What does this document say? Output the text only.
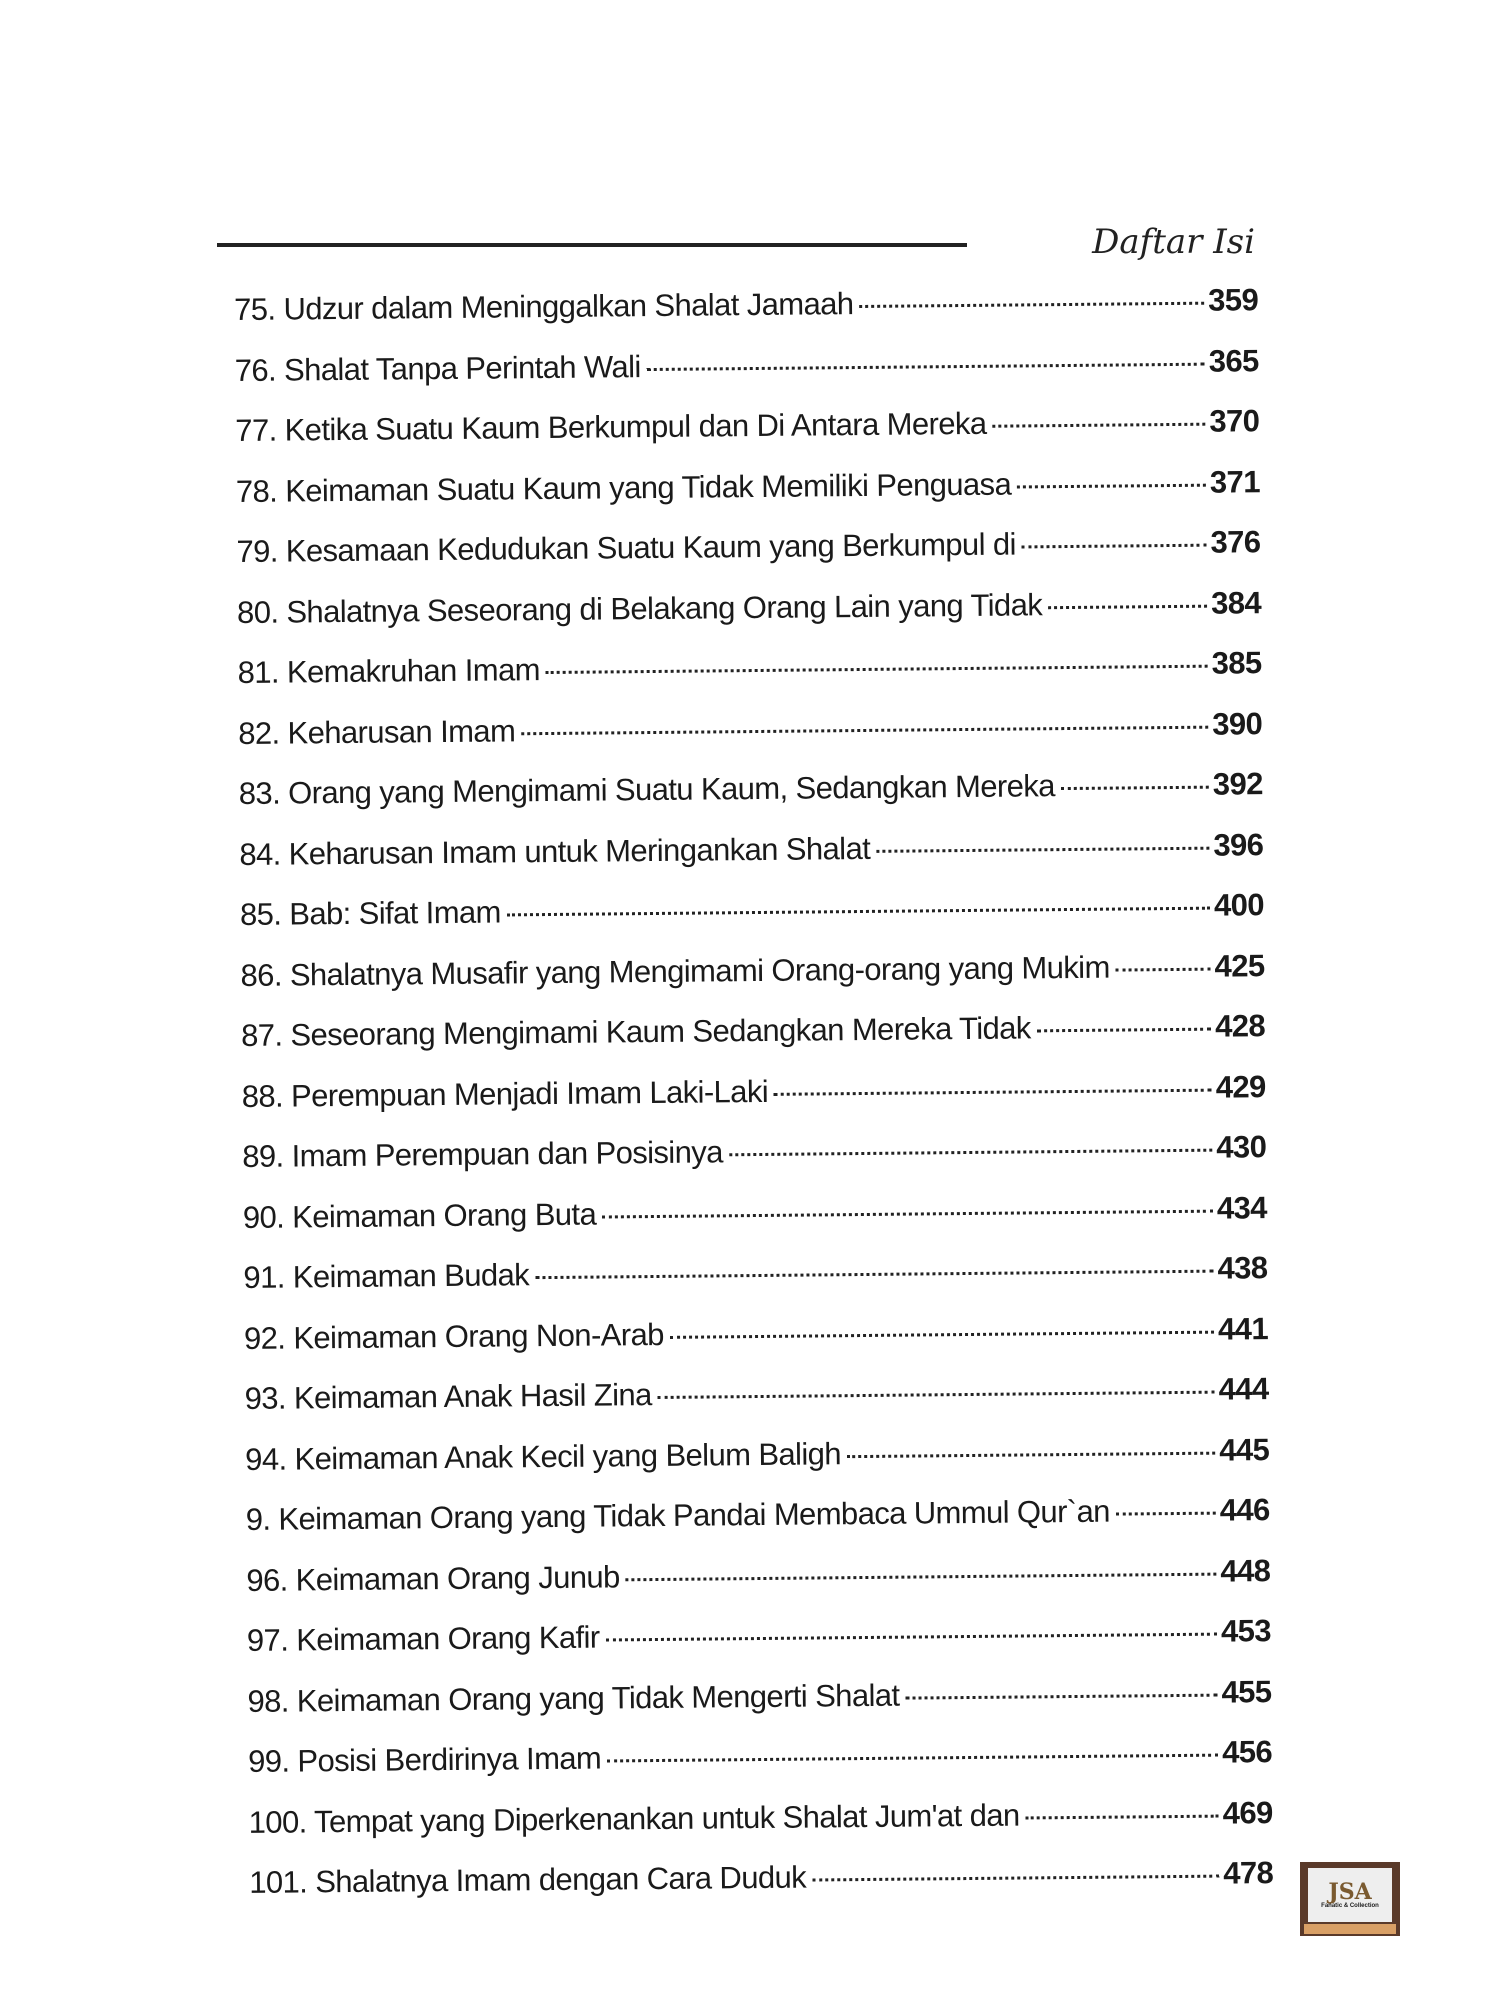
Daftar Isi
75. Udzur dalam Meninggalkan Shalat Jamaah	359
76. Shalat Tanpa Perintah Wali	365
77. Ketika Suatu Kaum Berkumpul dan Di Antara Mereka	370
78. Keimaman Suatu Kaum yang Tidak Memiliki Penguasa	371
79. Kesamaan Kedudukan Suatu Kaum yang Berkumpul di	376
80. Shalatnya Seseorang di Belakang Orang Lain yang Tidak	384
81. Kemakruhan Imam	385
82. Keharusan Imam	390
83. Orang yang Mengimami Suatu Kaum, Sedangkan Mereka	392
84. Keharusan Imam untuk Meringankan Shalat	396
85. Bab: Sifat Imam	400
86. Shalatnya Musafir yang Mengimami Orang-orang yang Mukim	425
87. Seseorang Mengimami Kaum Sedangkan Mereka Tidak	428
88. Perempuan Menjadi Imam Laki-Laki	429
89. Imam Perempuan dan Posisinya	430
90. Keimaman Orang Buta	434
91. Keimaman Budak	438
92. Keimaman Orang Non-Arab	441
93. Keimaman Anak Hasil Zina	444
94. Keimaman Anak Kecil yang Belum Baligh	445
9. Keimaman Orang yang Tidak Pandai Membaca Ummul Qur`an	446
96. Keimaman Orang Junub	448
97. Keimaman Orang Kafir	453
98. Keimaman Orang yang Tidak Mengerti Shalat	455
99. Posisi Berdirinya Imam	456
100. Tempat yang Diperkenankan untuk Shalat Jum'at dan	469
101. Shalatnya Imam dengan Cara Duduk	478
JSA
Fanatic & Collection
